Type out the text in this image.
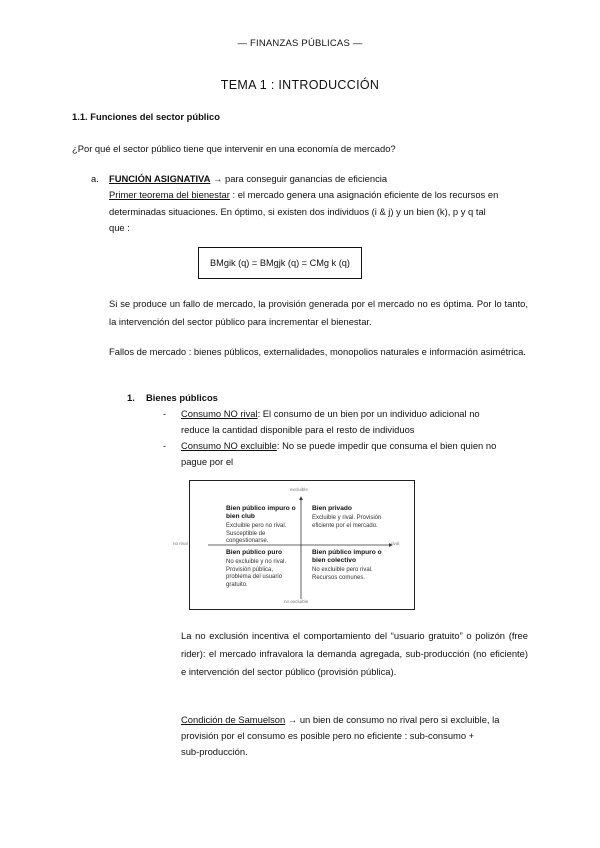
— FINANZAS PÚBLICAS —
TEMA 1 : INTRODUCCIÓN
1.1. Funciones del sector público
¿Por qué el sector público tiene que intervenir en una economía de mercado?
a. FUNCIÓN ASIGNATIVA → para conseguir ganancias de eficiencia
Primer teorema del bienestar : el mercado genera una asignación eficiente de los recursos en
determinadas situaciones. En óptimo, si existen dos individuos (i & j) y un bien (k), p y q tal
que :
BMgik (q) = BMgjk (q) = CMg k (q)
Si se produce un fallo de mercado, la provisión generada por el mercado no es óptima. Por lo tanto, la intervención del sector público para incrementar el bienestar.
Fallos de mercado : bienes públicos, externalidades, monopolios naturales e información asimétrica.
1. Bienes públicos
- Consumo NO rival: El consumo de un bien por un individuo adicional no
reduce la cantidad disponible para el resto de individuos
- Consumo NO excluible: No se puede impedir que consuma el bien quien no
pague por el
excluible
no excluible
no rival	rival
Bien público impuro o bien club
Excluible pero no rival. Susceptible de congestionarse.
Bien privado
Excluible y rival. Provisión eficiente por el mercado.
Bien público puro
No excluible y no rival. Provisión pública, problema del usuario gratuito.
Bien público impuro o bien colectivo
No excluible pero rival. Recursos comunes.
La no exclusión incentiva el comportamiento del “usuario gratuito” o polizón (free rider): el mercado infravalora la demanda agregada, sub-producción (no eficiente) e intervención del sector público (provisión pública).
Condición de Samuelson → un bien de consumo no rival pero si excluible, la
provisión por el consumo es posible pero no eficiente : sub-consumo +
sub-producción.
